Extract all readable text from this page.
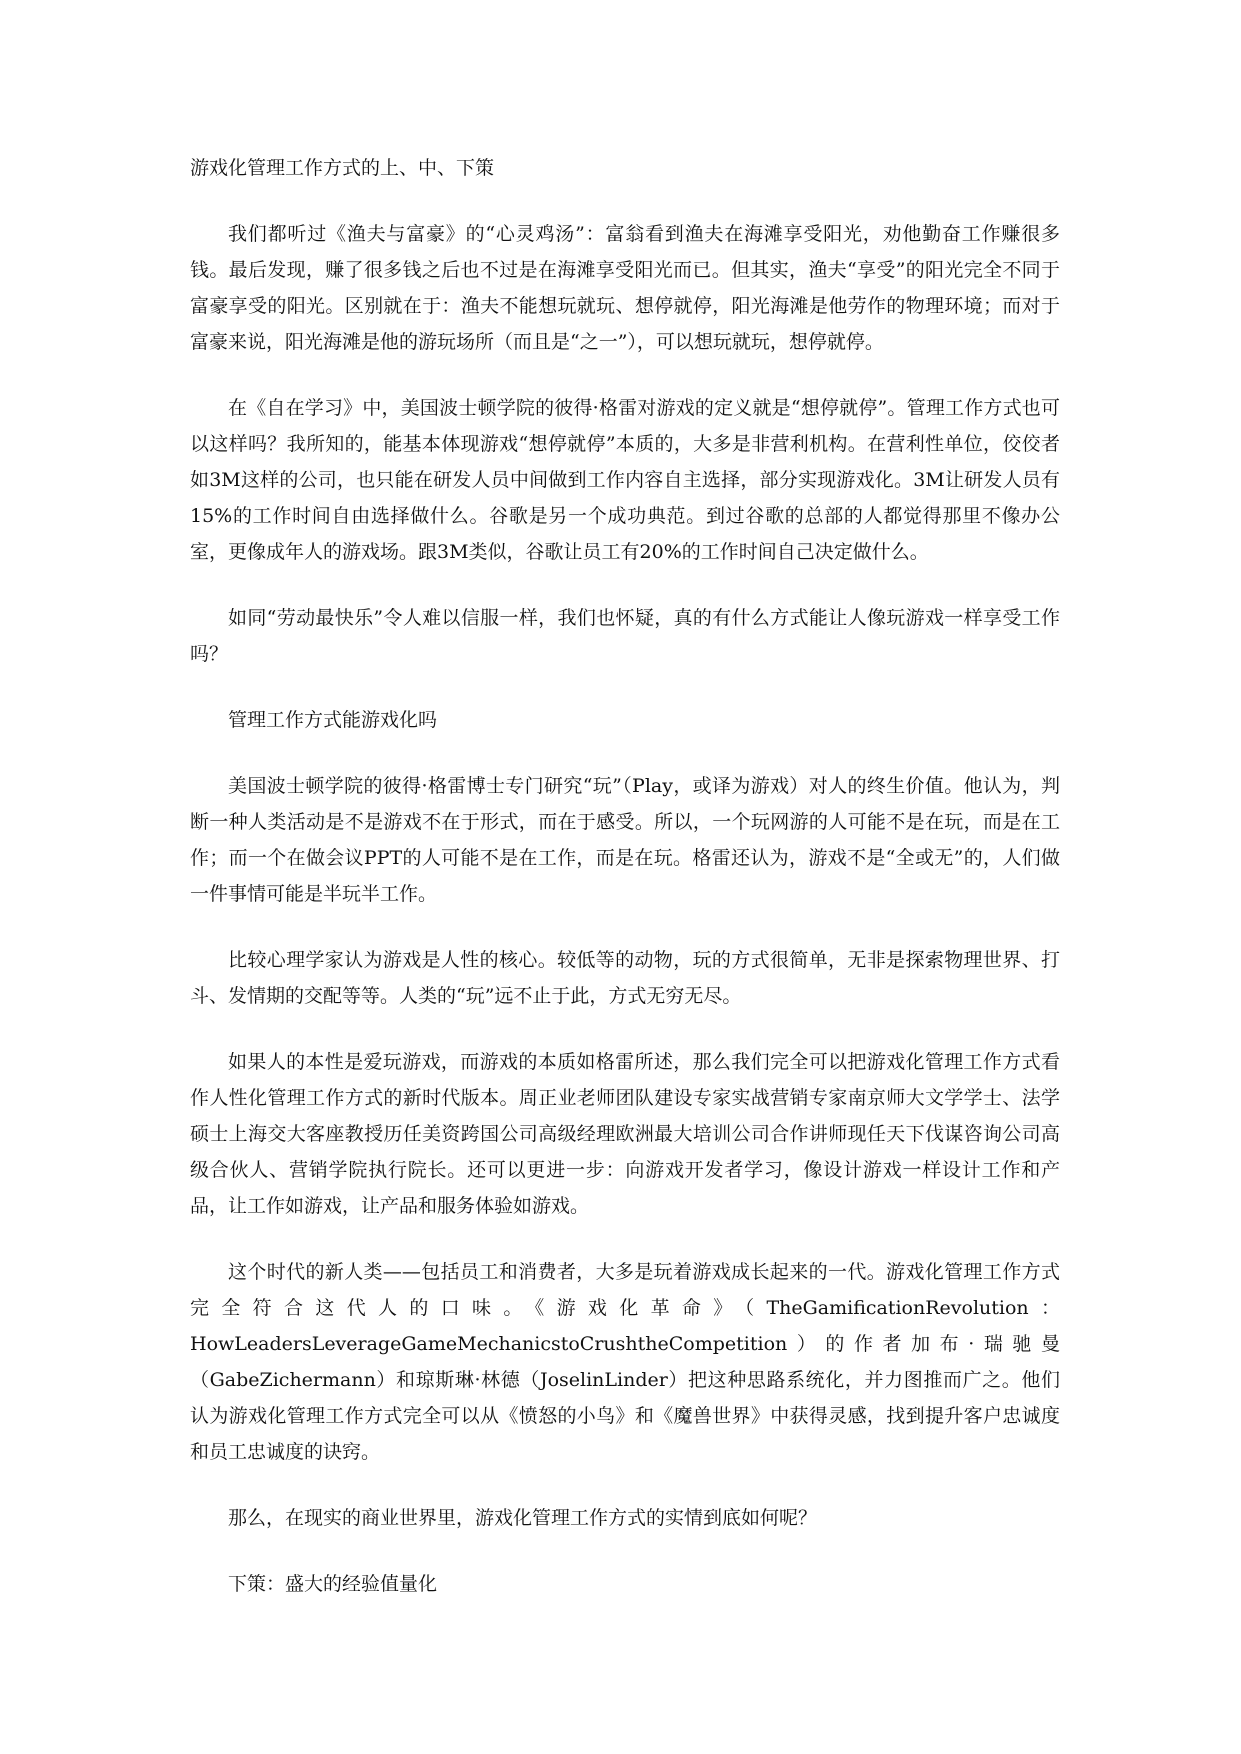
游戏化管理工作方式的上、中、下策

我们都听过《渔夫与富豪》的“心灵鸡汤”：富翁看到渔夫在海滩享受阳光，劝他勤奋工作赚很多钱。最后发现，赚了很多钱之后也不过是在海滩享受阳光而已。但其实，渔夫“享受”的阳光完全不同于富豪享受的阳光。区别就在于：渔夫不能想玩就玩、想停就停，阳光海滩是他劳作的物理环境；而对于富豪来说，阳光海滩是他的游玩场所（而且是“之一”），可以想玩就玩，想停就停。

在《自在学习》中，美国波士顿学院的彼得·格雷对游戏的定义就是“想停就停”。管理工作方式也可以这样吗？我所知的，能基本体现游戏“想停就停”本质的，大多是非营利机构。在营利性单位，佼佼者如3M这样的公司，也只能在研发人员中间做到工作内容自主选择，部分实现游戏化。3M让研发人员有15%的工作时间自由选择做什么。谷歌是另一个成功典范。到过谷歌的总部的人都觉得那里不像办公室，更像成年人的游戏场。跟3M类似，谷歌让员工有20%的工作时间自己决定做什么。

如同“劳动最快乐”令人难以信服一样，我们也怀疑，真的有什么方式能让人像玩游戏一样享受工作吗？

管理工作方式能游戏化吗

美国波士顿学院的彼得·格雷博士专门研究“玩”（Play，或译为游戏）对人的终生价值。他认为，判断一种人类活动是不是游戏不在于形式，而在于感受。所以，一个玩网游的人可能不是在玩，而是在工作；而一个在做会议PPT的人可能不是在工作，而是在玩。格雷还认为，游戏不是“全或无”的，人们做一件事情可能是半玩半工作。

比较心理学家认为游戏是人性的核心。较低等的动物，玩的方式很简单，无非是探索物理世界、打斗、发情期的交配等等。人类的“玩”远不止于此，方式无穷无尽。

如果人的本性是爱玩游戏，而游戏的本质如格雷所述，那么我们完全可以把游戏化管理工作方式看作人性化管理工作方式的新时代版本。周正业老师团队建设专家实战营销专家南京师大文学学士、法学硕士上海交大客座教授历任美资跨国公司高级经理欧洲最大培训公司合作讲师现任天下伐谋咨询公司高级合伙人、营销学院执行院长。还可以更进一步：向游戏开发者学习，像设计游戏一样设计工作和产品，让工作如游戏，让产品和服务体验如游戏。

这个时代的新人类——包括员工和消费者，大多是玩着游戏成长起来的一代。游戏化管理工作方式完全符合这代人的口味。《游戏化革命》（TheGamificationRevolution：HowLeadersLeverageGameMechanicstoCrushtheCompetition）的作者加布·瑞驰曼（GabeZichermann）和琼斯琳·林德（JoselinLinder）把这种思路系统化，并力图推而广之。他们认为游戏化管理工作方式完全可以从《愤怒的小鸟》和《魔兽世界》中获得灵感，找到提升客户忠诚度和员工忠诚度的诀窍。

那么，在现实的商业世界里，游戏化管理工作方式的实情到底如何呢？

下策：盛大的经验值量化
